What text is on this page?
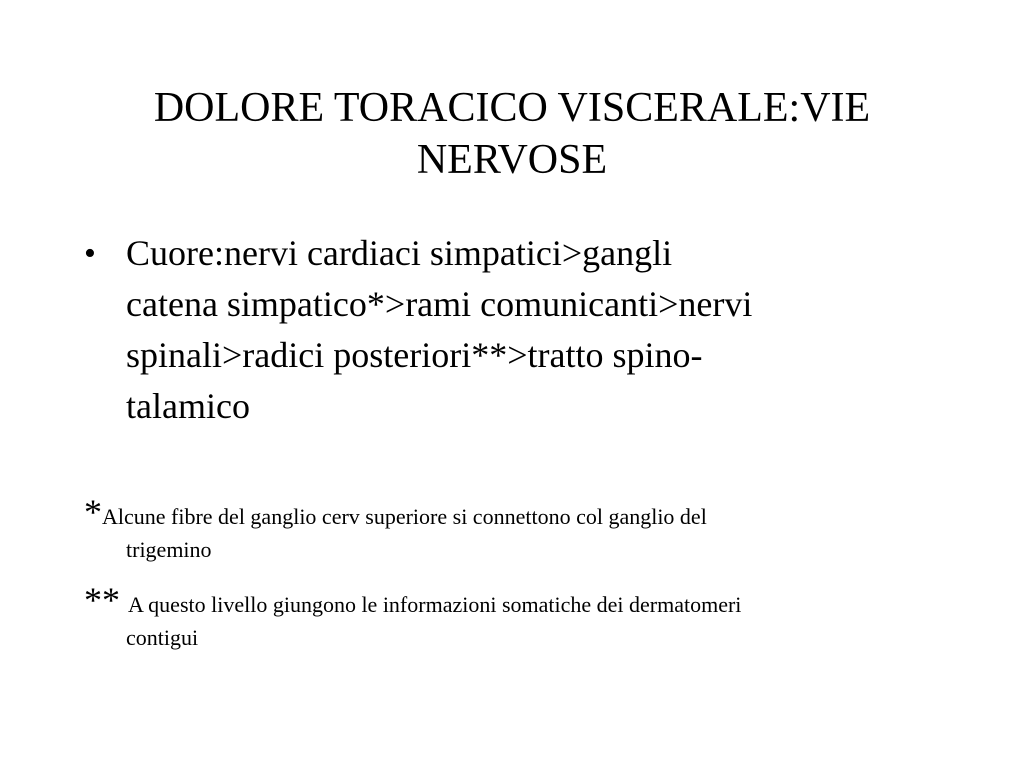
DOLORE TORACICO VISCERALE:VIE
NERVOSE
• Cuore:nervi cardiaci simpatici>gangli
catena simpatico*>rami comunicanti>nervi
spinali>radici posteriori**>tratto spino-
talamico
*Alcune fibre del ganglio cerv superiore si connettono col ganglio del
trigemino
** A questo livello giungono le informazioni somatiche dei dermatomeri
contigui
